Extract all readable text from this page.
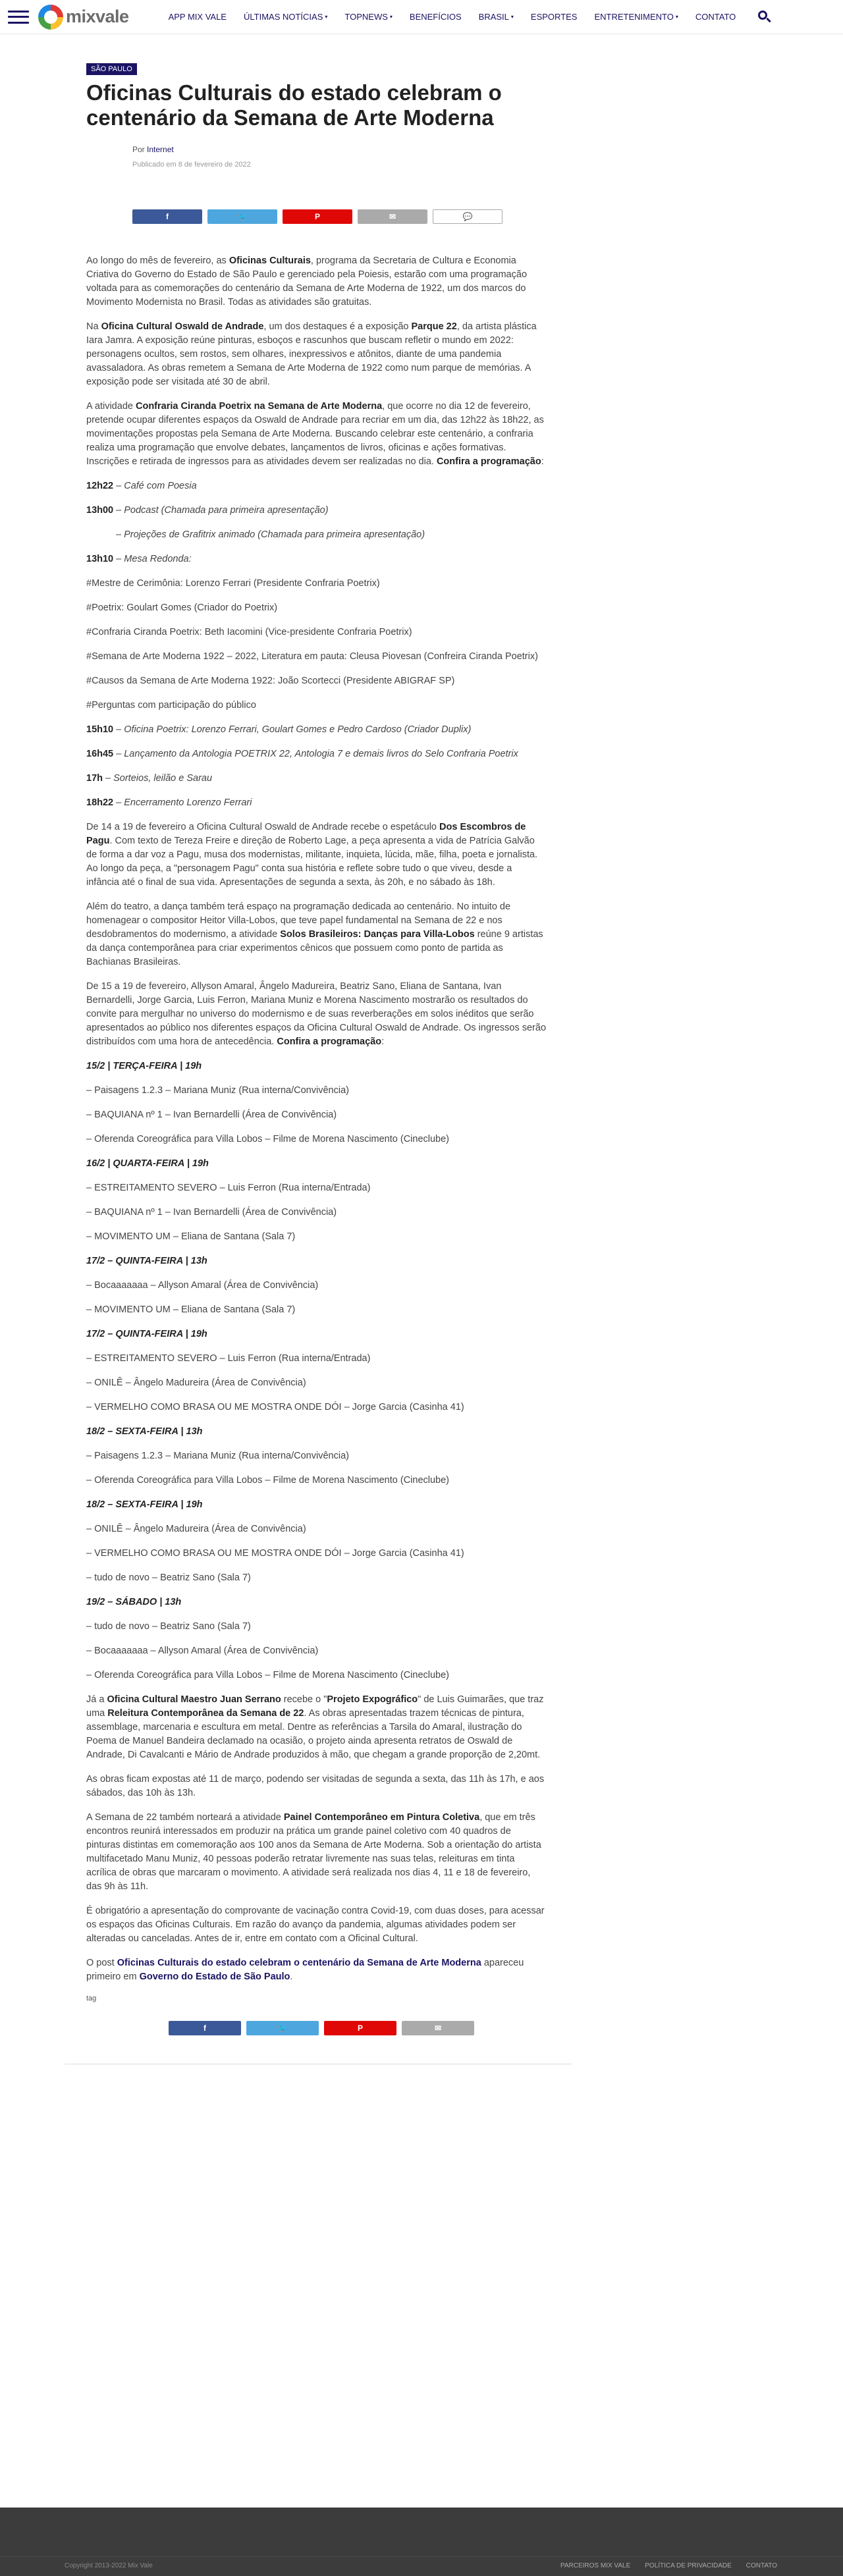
mixvale	APP MIX VALE ÚLTIMAS NOTÍCIAS ▾ TOPNEWS ▾ BENEFÍCIOS BRASIL ▾ ESPORTES ENTRETENIMENTO ▾ CONTATO
SÃO PAULO
Oficinas Culturais do estado celebram o centenário da Semana de Arte Moderna
Por Internet
Publicado em 8 de fevereiro de 2022
f	🐦	P	✉	💬

Ao longo do mês de fevereiro, as Oficinas Culturais, programa da Secretaria de Cultura e Economia Criativa do Governo do Estado de São Paulo e gerenciado pela Poiesis, estarão com uma programação voltada para as comemorações do centenário da Semana de Arte Moderna de 1922, um dos marcos do Movimento Modernista no Brasil. Todas as atividades são gratuitas.

Na Oficina Cultural Oswald de Andrade, um dos destaques é a exposição Parque 22, da artista plástica Iara Jamra. A exposição reúne pinturas, esboços e rascunhos que buscam refletir o mundo em 2022: personagens ocultos, sem rostos, sem olhares, inexpressivos e atônitos, diante de uma pandemia avassaladora. As obras remetem a Semana de Arte Moderna de 1922 como num parque de memórias. A exposição pode ser visitada até 30 de abril.

A atividade Confraria Ciranda Poetrix na Semana de Arte Moderna, que ocorre no dia 12 de fevereiro, pretende ocupar diferentes espaços da Oswald de Andrade para recriar em um dia, das 12h22 às 18h22, as movimentações propostas pela Semana de Arte Moderna. Buscando celebrar este centenário, a confraria realiza uma programação que envolve debates, lançamentos de livros, oficinas e ações formativas. Inscrições e retirada de ingressos para as atividades devem ser realizadas no dia. Confira a programação:

12h22 – Café com Poesia

13h00 – Podcast (Chamada para primeira apresentação)

– Projeções de Grafitrix animado (Chamada para primeira apresentação)

13h10 – Mesa Redonda:

#Mestre de Cerimônia: Lorenzo Ferrari (Presidente Confraria Poetrix)

#Poetrix: Goulart Gomes (Criador do Poetrix)

#Confraria Ciranda Poetrix: Beth Iacomini (Vice-presidente Confraria Poetrix)

#Semana de Arte Moderna 1922 – 2022, Literatura em pauta: Cleusa Piovesan (Confreira Ciranda Poetrix)

#Causos da Semana de Arte Moderna 1922: João Scortecci (Presidente ABIGRAF SP)

#Perguntas com participação do público

15h10 – Oficina Poetrix: Lorenzo Ferrari, Goulart Gomes e Pedro Cardoso (Criador Duplix)

16h45 – Lançamento da Antologia POETRIX 22, Antologia 7 e demais livros do Selo Confraria Poetrix

17h – Sorteios, leilão e Sarau

18h22 – Encerramento Lorenzo Ferrari

De 14 a 19 de fevereiro a Oficina Cultural Oswald de Andrade recebe o espetáculo Dos Escombros de Pagu. Com texto de Tereza Freire e direção de Roberto Lage, a peça apresenta a vida de Patrícia Galvão de forma a dar voz a Pagu, musa dos modernistas, militante, inquieta, lúcida, mãe, filha, poeta e jornalista. Ao longo da peça, a "personagem Pagu" conta sua história e reflete sobre tudo o que viveu, desde a infância até o final de sua vida. Apresentações de segunda a sexta, às 20h, e no sábado às 18h.

Além do teatro, a dança também terá espaço na programação dedicada ao centenário. No intuito de homenagear o compositor Heitor Villa-Lobos, que teve papel fundamental na Semana de 22 e nos desdobramentos do modernismo, a atividade Solos Brasileiros: Danças para Villa-Lobos reúne 9 artistas da dança contemporânea para criar experimentos cênicos que possuem como ponto de partida as Bachianas Brasileiras.

De 15 a 19 de fevereiro, Allyson Amaral, Ângelo Madureira, Beatriz Sano, Eliana de Santana, Ivan Bernardelli, Jorge Garcia, Luis Ferron, Mariana Muniz e Morena Nascimento mostrarão os resultados do convite para mergulhar no universo do modernismo e de suas reverberações em solos inéditos que serão apresentados ao público nos diferentes espaços da Oficina Cultural Oswald de Andrade. Os ingressos serão distribuídos com uma hora de antecedência. Confira a programação:

15/2 | TERÇA-FEIRA | 19h

– Paisagens 1.2.3 – Mariana Muniz (Rua interna/Convivência)

– BAQUIANA nº 1 – Ivan Bernardelli (Área de Convivência)

– Oferenda Coreográfica para Villa Lobos – Filme de Morena Nascimento (Cineclube)

16/2 | QUARTA-FEIRA | 19h

– ESTREITAMENTO SEVERO – Luis Ferron (Rua interna/Entrada)

– BAQUIANA nº 1 – Ivan Bernardelli (Área de Convivência)

– MOVIMENTO UM – Eliana de Santana (Sala 7)

17/2 – QUINTA-FEIRA | 13h

– Bocaaaaaaa – Allyson Amaral (Área de Convivência)

– MOVIMENTO UM – Eliana de Santana (Sala 7)

17/2 – QUINTA-FEIRA | 19h

– ESTREITAMENTO SEVERO – Luis Ferron (Rua interna/Entrada)

– ONILÊ – Ângelo Madureira (Área de Convivência)

– VERMELHO COMO BRASA OU ME MOSTRA ONDE DÓI – Jorge Garcia (Casinha 41)

18/2 – SEXTA-FEIRA | 13h

– Paisagens 1.2.3 – Mariana Muniz (Rua interna/Convivência)

– Oferenda Coreográfica para Villa Lobos – Filme de Morena Nascimento (Cineclube)

18/2 – SEXTA-FEIRA | 19h

– ONILÊ – Ângelo Madureira (Área de Convivência)

– VERMELHO COMO BRASA OU ME MOSTRA ONDE DÓI – Jorge Garcia (Casinha 41)

– tudo de novo – Beatriz Sano (Sala 7)

19/2 – SÁBADO | 13h

– tudo de novo – Beatriz Sano (Sala 7)

– Bocaaaaaaa – Allyson Amaral (Área de Convivência)

– Oferenda Coreográfica para Villa Lobos – Filme de Morena Nascimento (Cineclube)

Já a Oficina Cultural Maestro Juan Serrano recebe o "Projeto Expográfico" de Luis Guimarães, que traz uma Releitura Contemporânea da Semana de 22. As obras apresentadas trazem técnicas de pintura, assemblage, marcenaria e escultura em metal. Dentre as referências a Tarsila do Amaral, ilustração do Poema de Manuel Bandeira declamado na ocasião, o projeto ainda apresenta retratos de Oswald de Andrade, Di Cavalcanti e Mário de Andrade produzidos à mão, que chegam a grande proporção de 2,20mt.

As obras ficam expostas até 11 de março, podendo ser visitadas de segunda a sexta, das 11h às 17h, e aos sábados, das 10h às 13h.

A Semana de 22 também norteará a atividade Painel Contemporâneo em Pintura Coletiva, que em três encontros reunirá interessados em produzir na prática um grande painel coletivo com 40 quadros de pinturas distintas em comemoração aos 100 anos da Semana de Arte Moderna. Sob a orientação do artista multifacetado Manu Muniz, 40 pessoas poderão retratar livremente nas suas telas, releituras em tinta acrílica de obras que marcaram o movimento. A atividade será realizada nos dias 4, 11 e 18 de fevereiro, das 9h às 11h.

É obrigatório a apresentação do comprovante de vacinação contra Covid-19, com duas doses, para acessar os espaços das Oficinas Culturais. Em razão do avanço da pandemia, algumas atividades podem ser alteradas ou canceladas. Antes de ir, entre em contato com a Oficinal Cultural.

O post Oficinas Culturais do estado celebram o centenário da Semana de Arte Moderna apareceu primeiro em Governo do Estado de São Paulo.

tag
f	🐦	P	✉
Copyright 2013-2022 Mix Vale	PARCEIROS MIX VALE POLÍTICA DE PRIVACIDADE CONTATO
